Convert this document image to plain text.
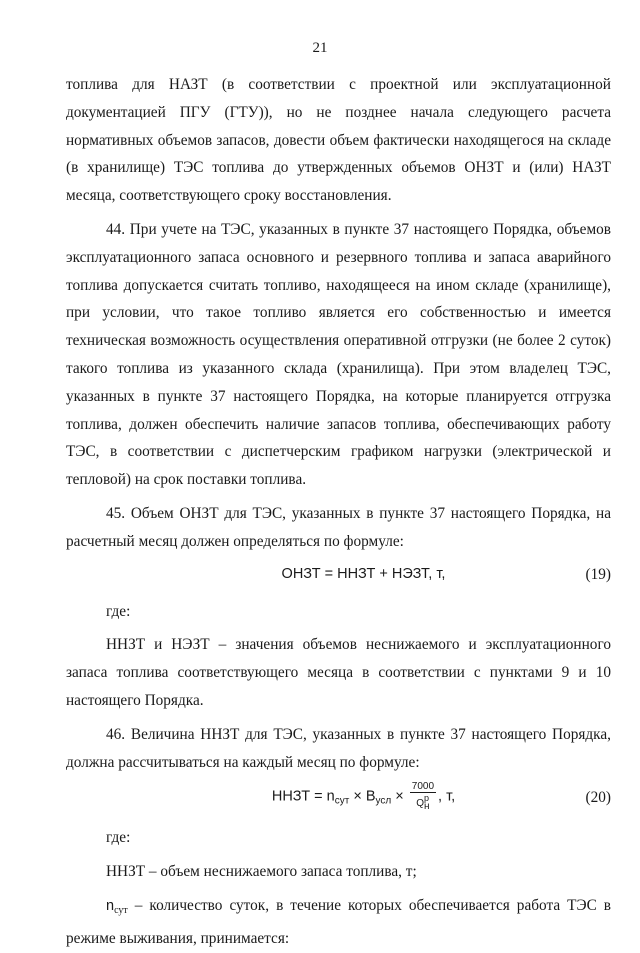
21

топлива для НАЗТ (в соответствии с проектной или эксплуатационной документацией ПГУ (ГТУ)), но не позднее начала следующего расчета нормативных объемов запасов, довести объем фактически находящегося на складе (в хранилище) ТЭС топлива до утвержденных объемов ОНЗТ и (или) НАЗТ месяца, соответствующего сроку восстановления.

44. При учете на ТЭС, указанных в пункте 37 настоящего Порядка, объемов эксплуатационного запаса основного и резервного топлива и запаса аварийного топлива допускается считать топливо, находящееся на ином складе (хранилище), при условии, что такое топливо является его собственностью и имеется техническая возможность осуществления оперативной отгрузки (не более 2 суток) такого топлива из указанного склада (хранилища). При этом владелец ТЭС, указанных в пункте 37 настоящего Порядка, на которые планируется отгрузка топлива, должен обеспечить наличие запасов топлива, обеспечивающих работу ТЭС, в соответствии с диспетчерским графиком нагрузки (электрической и тепловой) на срок поставки топлива.

45. Объем ОНЗТ для ТЭС, указанных в пункте 37 настоящего Порядка, на расчетный месяц должен определяться по формуле:

ОНЗТ = ННЗТ + НЭЗТ, т,	(19)

где:

ННЗТ и НЭЗТ – значения объемов неснижаемого и эксплуатационного запаса топлива соответствующего месяца в соответствии с пунктами 9 и 10 настоящего Порядка.

46. Величина ННЗТ для ТЭС, указанных в пункте 37 настоящего Порядка, должна рассчитываться на каждый месяц по формуле:

ННЗТ = $n_{сут} \times B_{усл} \times \frac{7000}{Q^р_н}$ , т,	(20)

где:

ННЗТ – объем неснижаемого запаса топлива, т;

$n_{сут}$ – количество суток, в течение которых обеспечивается работа ТЭС в режиме выживания, принимается:
